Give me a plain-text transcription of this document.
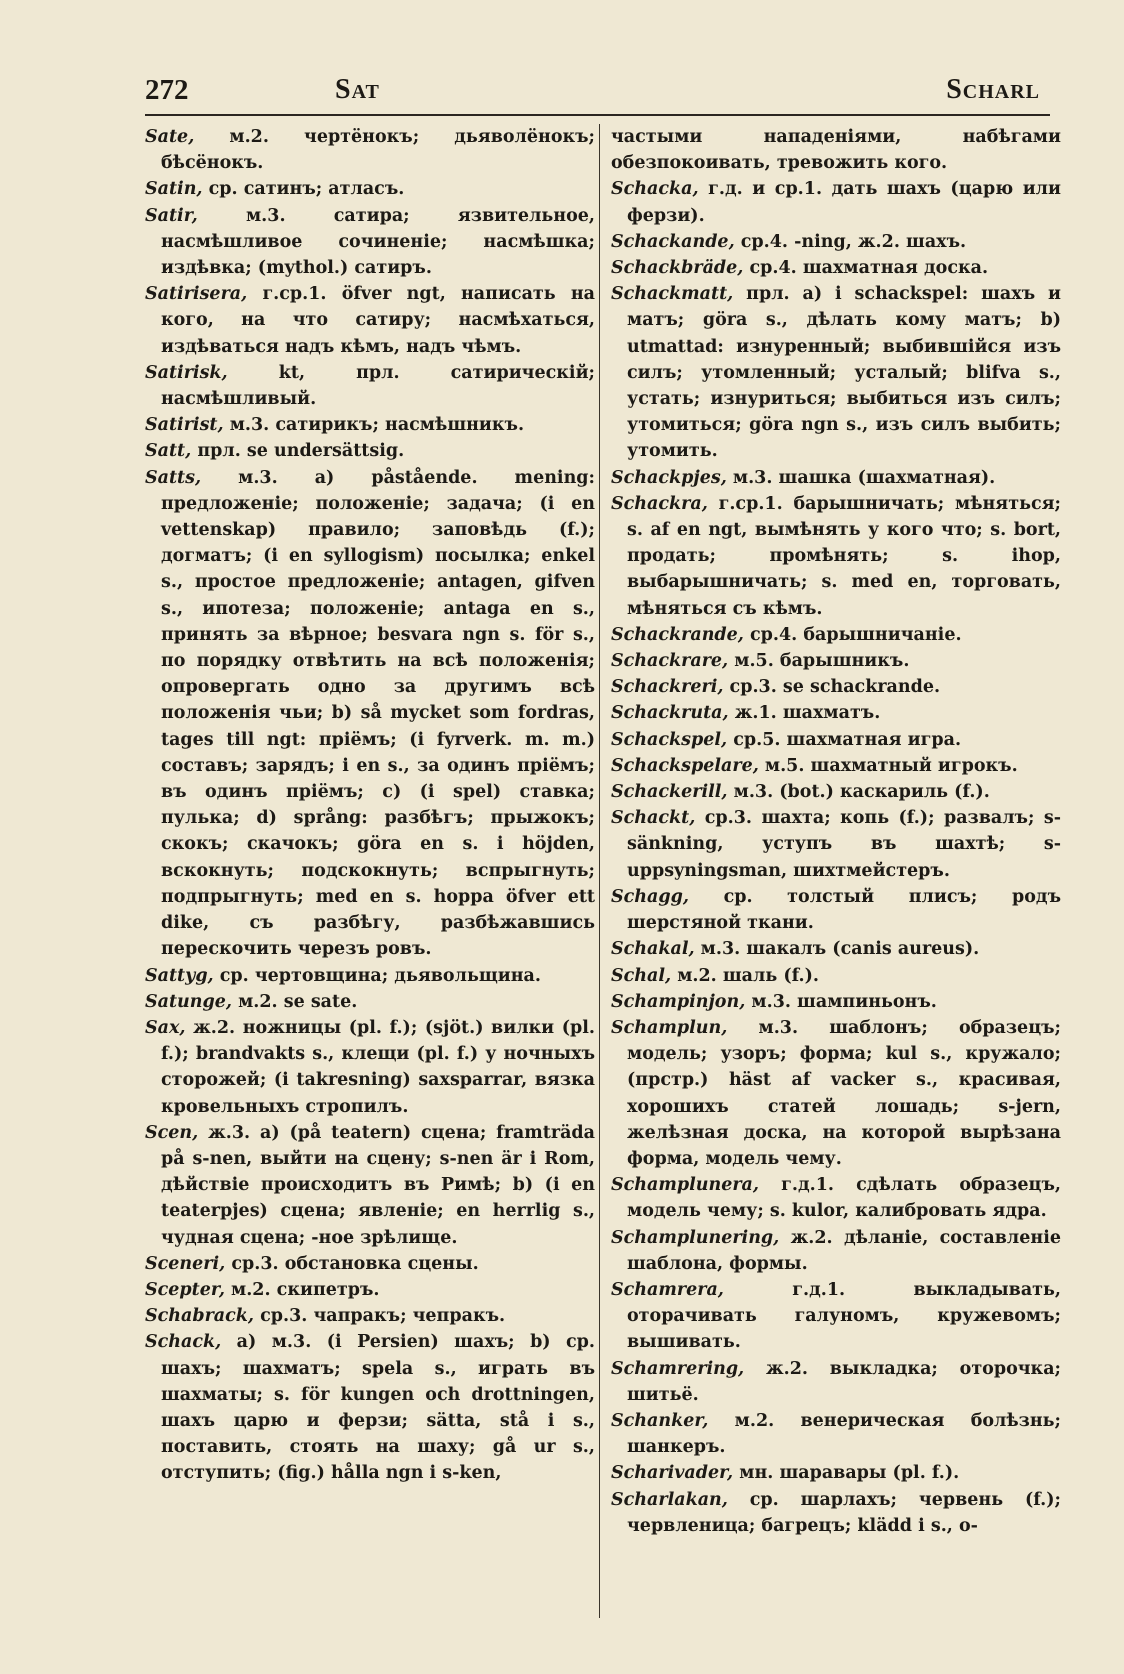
272	Sat	Scharl

Sate, м.2. чертёнокъ; дьяволёнокъ; бѣсёнокъ.

Satin, ср. сатинъ; атласъ.

Satir,	м.3. сатира; язвительное, насмѣшливое сочиненіе; насмѣшка; издѣвка; (mythol.) сатиръ.

Satirisera, г.ср.1. öfver ngt, написать на кого, на что сатиру; насмѣхаться, издѣваться надъ кѣмъ, надъ чѣмъ.

Satirisk,	kt, прл. сатирическій; насмѣшливый.

Satirist, м.3. сатирикъ; насмѣшникъ.

Satt, прл. se undersättsig.

Satts, м.3. a) påstående. mening: предложеніе; положеніе; задача; (i en vettenskap) правило; заповѣдь (f.); догматъ; (i en syllogism) посылка; enkel s., простое предложеніе; antagen, gifven s., ипотеза; положеніе; antaga en s., принять за вѣрное; besvara ngn s. för s., по порядку отвѣтить на всѣ положенія; опровергать одно за другимъ всѣ положенія чьи; b) så mycket som fordras, tages till ngt: пріёмъ; (i fyrverk. m. m.) составъ; зарядъ; i en s., за одинъ пріёмъ; въ одинъ пріёмъ; c) (i spel) ставка; пулька; d) språng: разбѣгъ; прыжокъ; скокъ; скачокъ; göra en s. i höjden, вскокнуть; подскокнуть; вспрыгнуть; подпрыгнуть; med en s. hoppa öfver ett dike, съ разбѣгу, разбѣжавшись перескочить черезъ ровъ.

Sattyg, ср. чертовщина; дьявольщина.

Satunge, м.2. se sate.

Sax, ж.2. ножницы (pl. f.); (sjöt.) вилки (pl. f.); brandvakts s., клещи (pl. f.) у ночныхъ сторожей; (i takresning) saxsparrar, вязка кровельныхъ стропилъ.

Scen, ж.3. a) (på teatern) сцена; framträda på s-nen, выйти на сцену; s-nen är i Rom, дѣйствіе происходитъ въ Римѣ; b) (i en teaterpjes) сцена; явленіе; en herrlig s., чудная сцена; -ное зрѣлище.

Scenerі, ср.3. обстановка сцены.

Scepter, м.2. скипетръ.

Schabrack, ср.3. чапракъ; чепракъ.

Schack, a) м.3. (i Persien) шахъ; b) ср. шахъ; шахматъ; spela s., играть въ шахматы; s. för kungen och drottningen, шахъ царю и ферзи; sätta, stå i s., поставить, стоять на шаху; gå ur s., отступить; (fig.) hålla ngn i s-ken,

частыми нападеніями, набѣгами обезпокоивать, тревожить кого.

Schacka, г.д. и ср.1. дать шахъ (царю или ферзи).

Schackande, ср.4. -ning, ж.2. шахъ.

Schackbräde, ср.4. шахматная доска.

Schackmatt, прл. a) i schackspel: шахъ и матъ; göra s., дѣлать кому матъ; b) utmattad: изнуренный; выбившійся изъ силъ; утомленный; усталый; blifva s., устать; изнуриться; выбиться изъ силъ; утомиться; göra ngn s., изъ силъ выбить; утомить.

Schackpjes, м.3. шашка (шахматная).

Schackra, г.ср.1. барышничать; мѣняться; s. af en ngt, вымѣнять у кого что; s. bort, продать; промѣнять; s. ihop, выбарышничать; s. med en, торговать, мѣняться съ кѣмъ.

Schackrande, ср.4. барышничаніе.

Schackrare, м.5. барышникъ.

Schackreri, ср.3. se schackrande.

Schackruta, ж.1. шахматъ.

Schackspel, ср.5. шахматная игра.

Schackspelare, м.5. шахматный игрокъ.

Schackerill, м.3. (bot.) каскариль (f.).

Schackt, ср.3. шахта; копь (f.); развалъ; s-sänkning, уступъ въ шахтѣ; s-uppsyningsman, шихтмейстеръ.

Schagg, ср. толстый плисъ; родъ шерстяной ткани.

Schakal, м.3. шакалъ (canis aureus).

Schal, м.2. шаль (f.).

Schampinjon, м.3. шампиньонъ.

Schamplun, м.3. шаблонъ; образецъ; модель; узоръ; форма; kul s., кружало; (прстр.) häst af vacker s., красивая, хорошихъ статей лошадь; s-jern, желѣзная доска, на которой вырѣзана форма, модель чему.

Schamplunera, г.д.1. сдѣлать образецъ, модель чему; s. kulor, калибровать ядра.

Schamplunering, ж.2. дѣланіе, составленіе шаблона, формы.

Schamrera,	г.д.1. выкладывать, оторачивать галуномъ, кружевомъ; вышивать.

Schamrering, ж.2. выкладка; оторочка; шитьё.

Schanker, м.2. венерическая болѣзнь; шанкеръ.

Scharivader, мн. шаравары (pl. f.).

Scharlakan, ср. шарлахъ; червень (f.); червленица; багрецъ; klädd i s., о-
